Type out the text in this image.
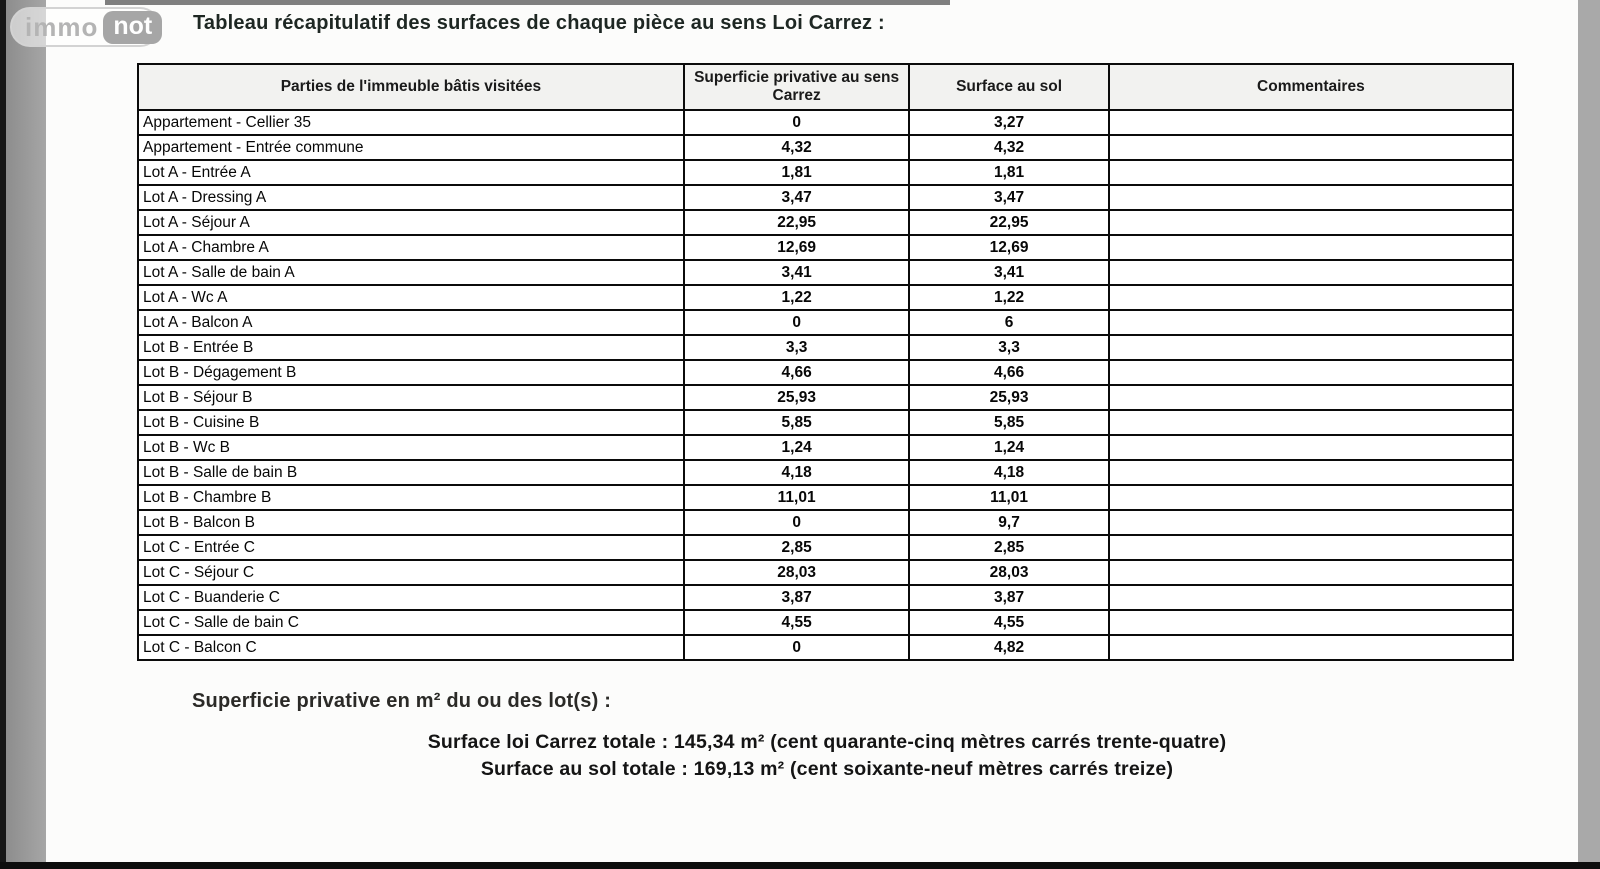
immo not	Tableau récapitulatif des surfaces de chaque pièce au sens Loi Carrez :
Parties de l'immeuble bâtis visitées	Superficie privative au sens Carrez	Surface au sol	Commentaires
Appartement - Cellier 35	0	3,27	
Appartement - Entrée commune	4,32	4,32	
Lot A - Entrée A	1,81	1,81	
Lot A - Dressing A	3,47	3,47	
Lot A - Séjour A	22,95	22,95	
Lot A - Chambre A	12,69	12,69	
Lot A - Salle de bain A	3,41	3,41	
Lot A - Wc A	1,22	1,22	
Lot A - Balcon A	0	6	
Lot B - Entrée B	3,3	3,3	
Lot B - Dégagement B	4,66	4,66	
Lot B - Séjour B	25,93	25,93	
Lot B - Cuisine B	5,85	5,85	
Lot B - Wc B	1,24	1,24	
Lot B - Salle de bain B	4,18	4,18	
Lot B - Chambre B	11,01	11,01	
Lot B - Balcon B	0	9,7	
Lot C - Entrée C	2,85	2,85	
Lot C - Séjour C	28,03	28,03	
Lot C - Buanderie C	3,87	3,87	
Lot C - Salle de bain C	4,55	4,55	
Lot C - Balcon C	0	4,82	
Superficie privative en m² du ou des lot(s) :
Surface loi Carrez totale : 145,34 m² (cent quarante-cinq mètres carrés trente-quatre)
Surface au sol totale : 169,13 m² (cent soixante-neuf mètres carrés treize)
